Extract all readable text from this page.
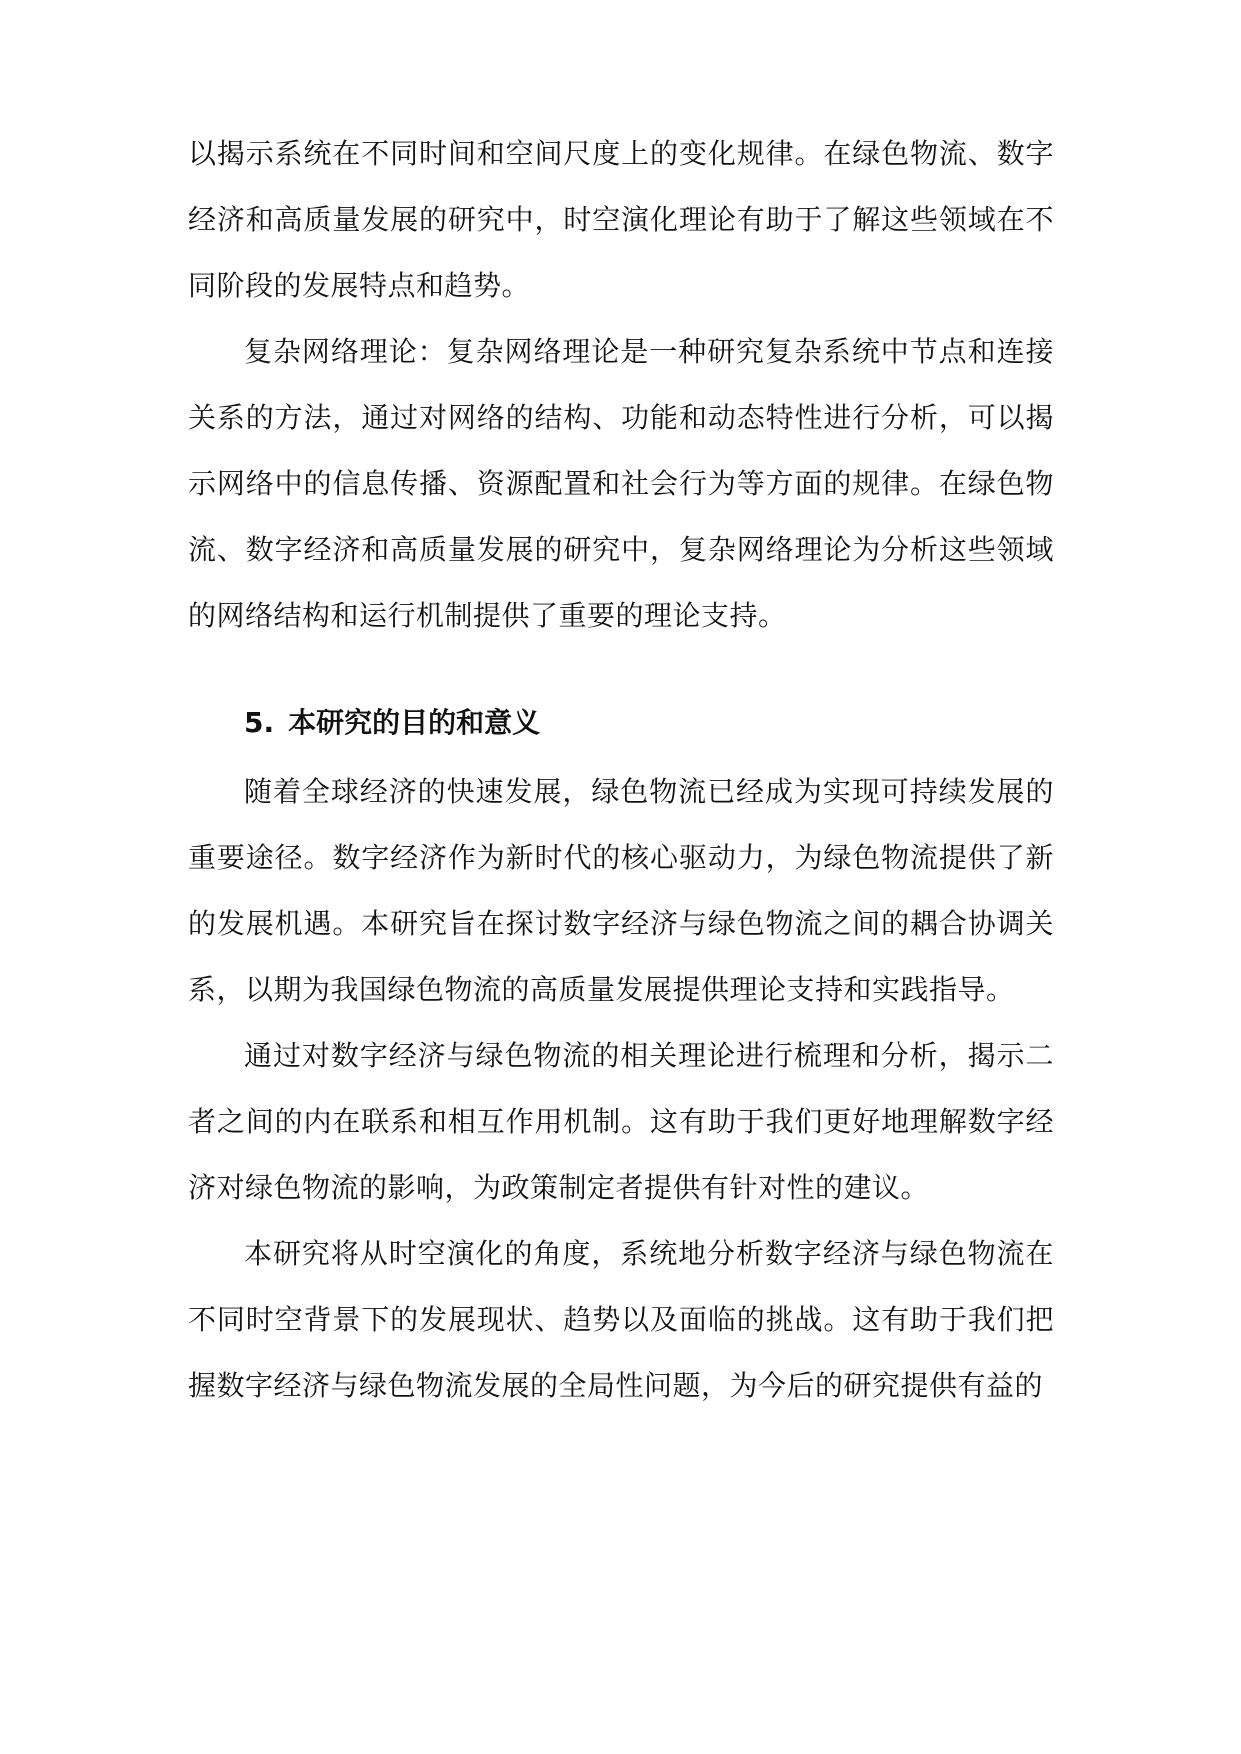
以揭示系统在不同时间和空间尺度上的变化规律。在绿色物流、数字经济和高质量发展的研究中，时空演化理论有助于了解这些领域在不同阶段的发展特点和趋势。

复杂网络理论：复杂网络理论是一种研究复杂系统中节点和连接关系的方法，通过对网络的结构、功能和动态特性进行分析，可以揭示网络中的信息传播、资源配置和社会行为等方面的规律。在绿色物流、数字经济和高质量发展的研究中，复杂网络理论为分析这些领域的网络结构和运行机制提供了重要的理论支持。

5. 本研究的目的和意义

随着全球经济的快速发展，绿色物流已经成为实现可持续发展的重要途径。数字经济作为新时代的核心驱动力，为绿色物流提供了新的发展机遇。本研究旨在探讨数字经济与绿色物流之间的耦合协调关系，以期为我国绿色物流的高质量发展提供理论支持和实践指导。

通过对数字经济与绿色物流的相关理论进行梳理和分析，揭示二者之间的内在联系和相互作用机制。这有助于我们更好地理解数字经济对绿色物流的影响，为政策制定者提供有针对性的建议。

本研究将从时空演化的角度，系统地分析数字经济与绿色物流在不同时空背景下的发展现状、趋势以及面临的挑战。这有助于我们把握数字经济与绿色物流发展的全局性问题，为今后的研究提供有益的
